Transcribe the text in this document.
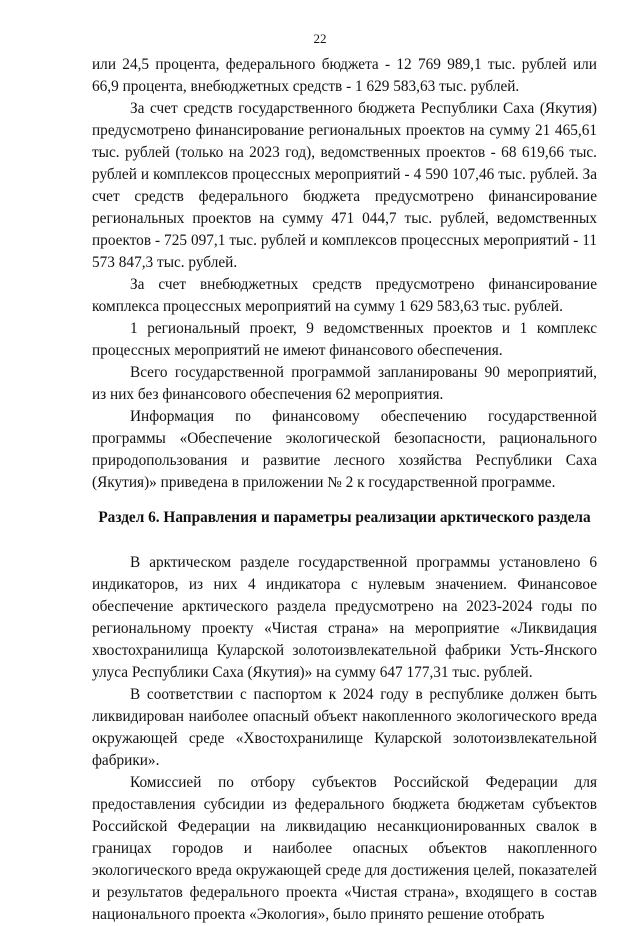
22

или 24,5 процента, федерального бюджета - 12 769 989,1 тыс. рублей или 66,9 процента, внебюджетных средств - 1 629 583,63 тыс. рублей.

За счет средств государственного бюджета Республики Саха (Якутия) предусмотрено финансирование региональных проектов на сумму 21 465,61 тыс. рублей (только на 2023 год), ведомственных проектов - 68 619,66 тыс. рублей и комплексов процессных мероприятий - 4 590 107,46 тыс. рублей. За счет средств федерального бюджета предусмотрено финансирование региональных проектов на сумму 471 044,7 тыс. рублей, ведомственных проектов - 725 097,1 тыс. рублей и комплексов процессных мероприятий - 11 573 847,3 тыс. рублей.

За счет внебюджетных средств предусмотрено финансирование комплекса процессных мероприятий на сумму 1 629 583,63 тыс. рублей.

1 региональный проект, 9 ведомственных проектов и 1 комплекс процессных мероприятий не имеют финансового обеспечения.

Всего государственной программой запланированы 90 мероприятий, из них без финансового обеспечения 62 мероприятия.

Информация по финансовому обеспечению государственной программы «Обеспечение экологической безопасности, рационального природопользования и развитие лесного хозяйства Республики Саха (Якутия)» приведена в приложении № 2 к государственной программе.

Раздел 6. Направления и параметры реализации арктического раздела

В арктическом разделе государственной программы установлено 6 индикаторов, из них 4 индикатора с нулевым значением. Финансовое обеспечение арктического раздела предусмотрено на 2023-2024 годы по региональному проекту «Чистая страна» на мероприятие «Ликвидация хвостохранилища Куларской золотоизвлекательной фабрики Усть-Янского улуса Республики Саха (Якутия)» на сумму 647 177,31 тыс. рублей.

В соответствии с паспортом к 2024 году в республике должен быть ликвидирован наиболее опасный объект накопленного экологического вреда окружающей среде «Хвостохранилище Куларской золотоизвлекательной фабрики».

Комиссией по отбору субъектов Российской Федерации для предоставления субсидии из федерального бюджета бюджетам субъектов Российской Федерации на ликвидацию несанкционированных свалок в границах городов и наиболее опасных объектов накопленного экологического вреда окружающей среде для достижения целей, показателей и результатов федерального проекта «Чистая страна», входящего в состав национального проекта «Экология», было принято решение отобрать
